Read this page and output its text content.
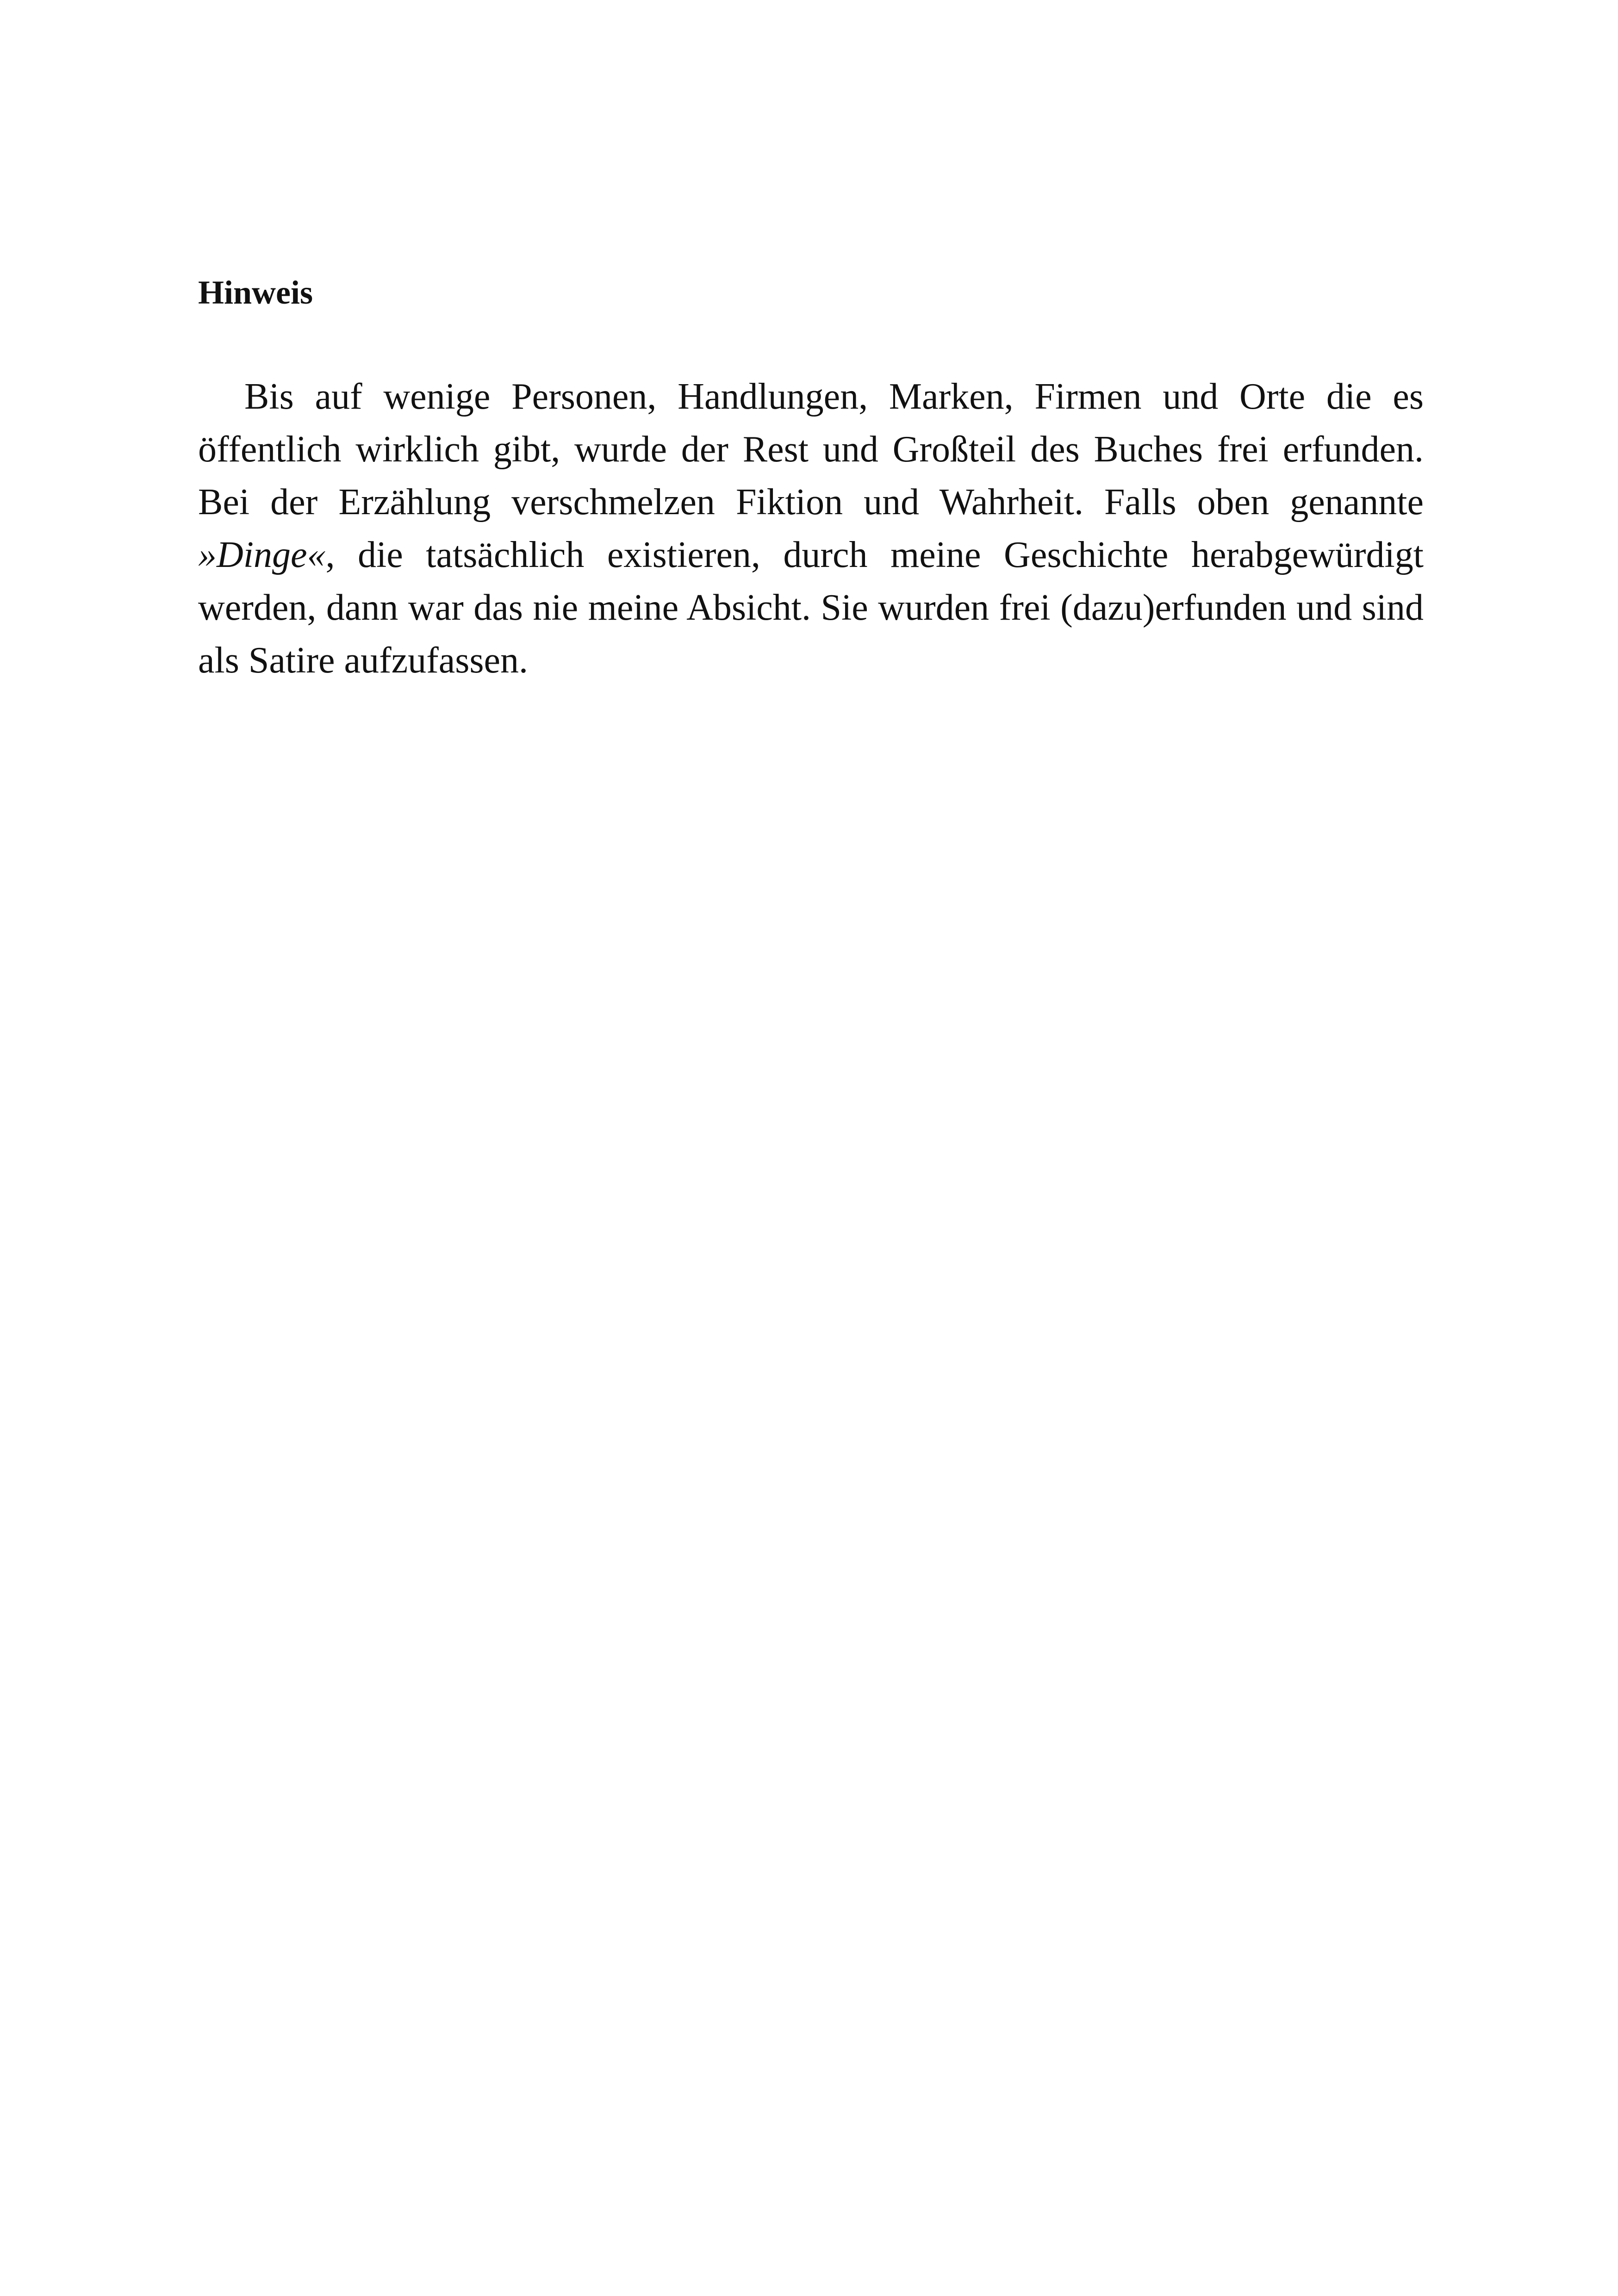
Hinweis

Bis auf wenige Personen, Handlungen, Marken, Firmen und Orte die es öffentlich wirklich gibt, wurde der Rest und Großteil des Buches frei erfunden. Bei der Erzählung verschmelzen Fiktion und Wahrheit. Falls oben genannte »Dinge«, die tatsächlich existieren, durch meine Geschichte herabgewürdigt werden, dann war das nie meine Absicht. Sie wurden frei (dazu)erfunden und sind als Satire aufzufassen.
